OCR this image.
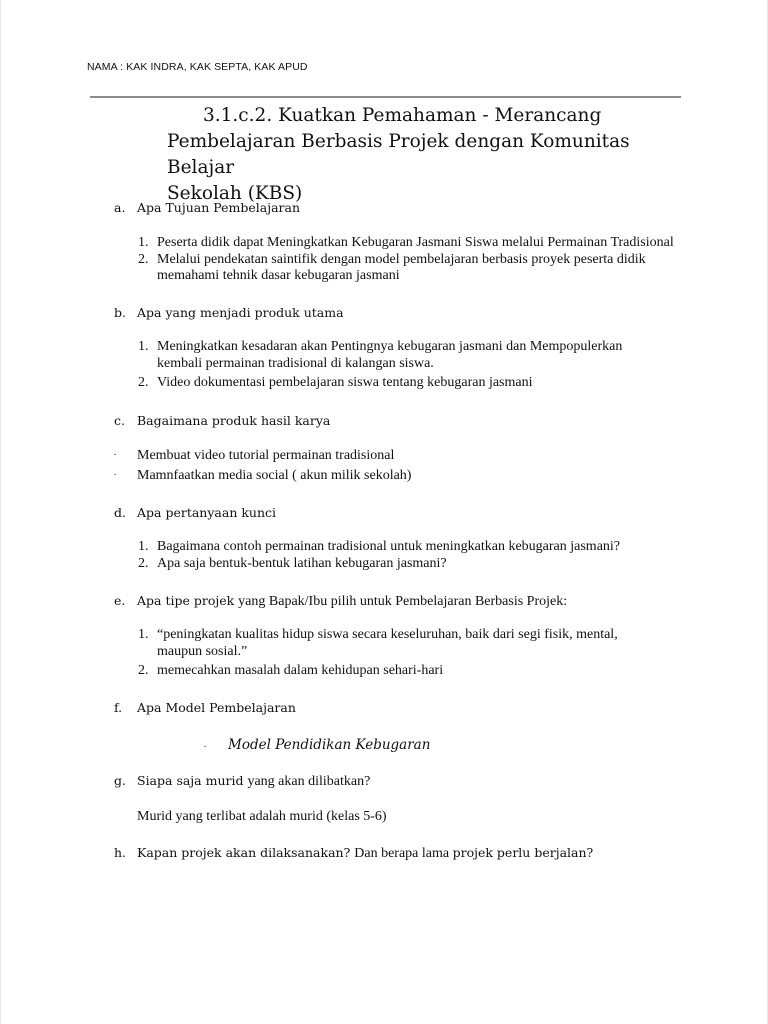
NAMA : KAK INDRA, KAK SEPTA, KAK APUD
3.1.c.2. Kuatkan Pemahaman - Merancang
Pembelajaran Berbasis Projek dengan Komunitas Belajar
Sekolah (KBS)
a. Apa Tujuan Pembelajaran
1. Peserta didik dapat Meningkatkan Kebugaran Jasmani Siswa melalui Permainan Tradisional
2. Melalui pendekatan saintifik dengan model pembelajaran berbasis proyek peserta didik memahami tehnik dasar kebugaran jasmani
b. Apa yang menjadi produk utama
1. Meningkatkan kesadaran akan Pentingnya kebugaran jasmani dan Mempopulerkan kembali permainan tradisional di kalangan siswa.
2. Video dokumentasi pembelajaran siswa tentang kebugaran jasmani
c. Bagaimana produk hasil karya
. Membuat video tutorial permainan tradisional
. Mamnfaatkan media social ( akun milik sekolah)
d. Apa pertanyaan kunci
1. Bagaimana contoh permainan tradisional untuk meningkatkan kebugaran jasmani?
2. Apa saja bentuk-bentuk latihan kebugaran jasmani?
e. Apa tipe projek yang Bapak/Ibu pilih untuk Pembelajaran Berbasis Projek:
1. “peningkatan kualitas hidup siswa secara keseluruhan, baik dari segi fisik, mental, maupun sosial.”
2. memecahkan masalah dalam kehidupan sehari-hari
f.	Apa Model Pembelajaran
. Model Pendidikan Kebugaran
g. Siapa saja murid yang akan dilibatkan?
Murid yang terlibat adalah murid (kelas 5-6)
h. Kapan projek akan dilaksanakan? Dan berapa lama projek perlu berjalan?
